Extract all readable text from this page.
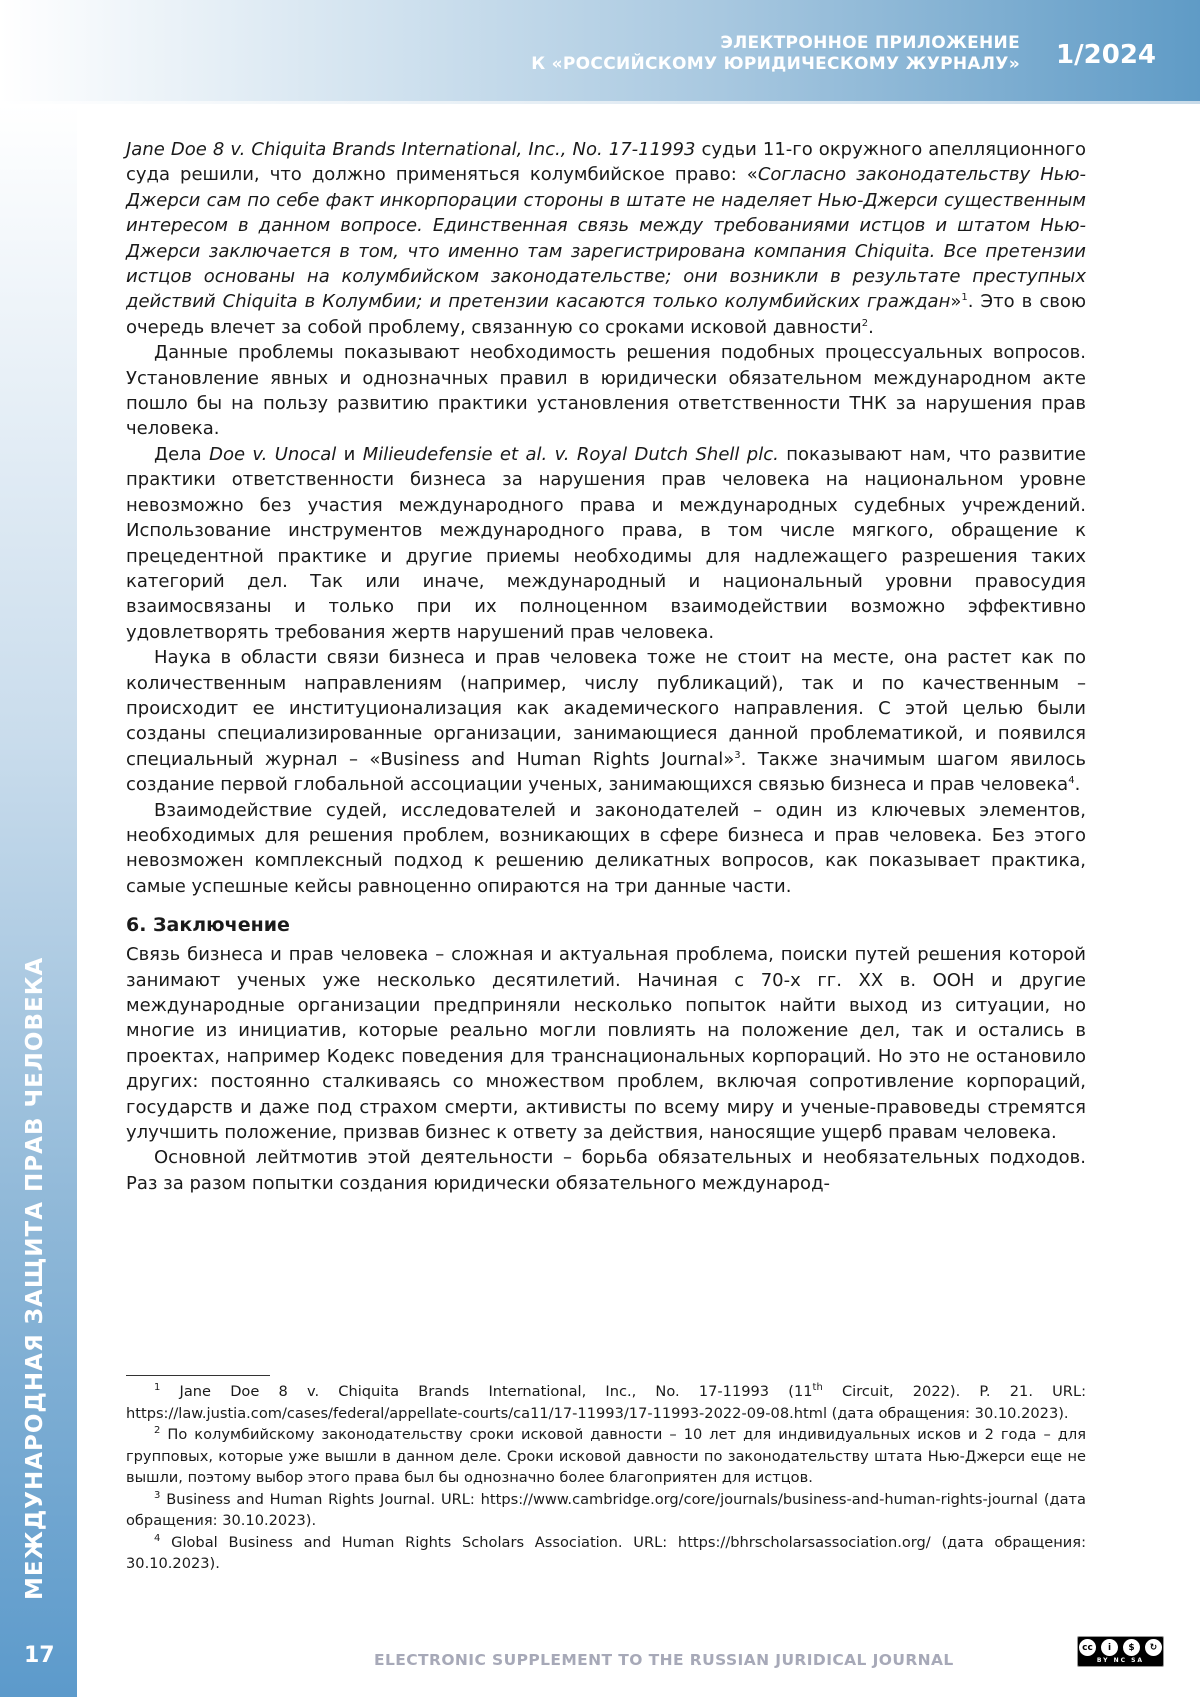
ЭЛЕКТРОННОЕ ПРИЛОЖЕНИЕ
К «РОССИЙСКОМУ ЮРИДИЧЕСКОМУ ЖУРНАЛУ» 1/2024
МЕЖДУНАРОДНАЯ ЗАЩИТА ПРАВ ЧЕЛОВЕКА
17

Jane Doe 8 v. Chiquita Brands International, Inc., No. 17-11993 судьи 11-го окружного апелляционного суда решили, что должно применяться колумбийское право: «Согласно законодательству Нью-Джерси сам по себе факт инкорпорации стороны в штате не наделяет Нью-Джерси существенным интересом в данном вопросе. Единственная связь между требованиями истцов и штатом Нью-Джерси заключается в том, что именно там зарегистрирована компания Chiquita. Все претензии истцов основаны на колумбийском законодательстве; они возникли в результате преступных действий Chiquita в Колумбии; и претензии касаются только колумбийских граждан»$^1$. Это в свою очередь влечет за собой проблему, связанную со сроками исковой давности$^2$.

Данные проблемы показывают необходимость решения подобных процессуальных вопросов. Установление явных и однозначных правил в юридически обязательном международном акте пошло бы на пользу развитию практики установления ответственности ТНК за нарушения прав человека.

Дела Doe v. Unocal и Milieudefensie et al. v. Royal Dutch Shell plc. показывают нам, что развитие практики ответственности бизнеса за нарушения прав человека на национальном уровне невозможно без участия международного права и международных судебных учреждений. Использование инструментов международного права, в том числе мягкого, обращение к прецедентной практике и другие приемы необходимы для надлежащего разрешения таких категорий дел. Так или иначе, международный и национальный уровни правосудия взаимосвязаны и только при их полноценном взаимодействии возможно эффективно удовлетворять требования жертв нарушений прав человека.

Наука в области связи бизнеса и прав человека тоже не стоит на месте, она растет как по количественным направлениям (например, числу публикаций), так и по качественным – происходит ее институционализация как академического направления. С этой целью были созданы специализированные организации, занимающиеся данной проблематикой, и появился специальный журнал – «Business and Human Rights Journal»$^3$. Также значимым шагом явилось создание первой глобальной ассоциации ученых, занимающихся связью бизнеса и прав человека$^4$.

Взаимодействие судей, исследователей и законодателей – один из ключевых элементов, необходимых для решения проблем, возникающих в сфере бизнеса и прав человека. Без этого невозможен комплексный подход к решению деликатных вопросов, как показывает практика, самые успешные кейсы равноценно опираются на три данные части.

6. Заключение

Связь бизнеса и прав человека – сложная и актуальная проблема, поиски путей решения которой занимают ученых уже несколько десятилетий. Начиная с 70-х гг. XX в. ООН и другие международные организации предприняли несколько попыток найти выход из ситуации, но многие из инициатив, которые реально могли повлиять на положение дел, так и остались в проектах, например Кодекс поведения для транснациональных корпораций. Но это не остановило других: постоянно сталкиваясь со множеством проблем, включая сопротивление корпораций, государств и даже под страхом смерти, активисты по всему миру и ученые-правоведы стремятся улучшить положение, призвав бизнес к ответу за действия, наносящие ущерб правам человека.

Основной лейтмотив этой деятельности – борьба обязательных и необязательных подходов. Раз за разом попытки создания юридически обязательного международ-

$^1$ Jane Doe 8 v. Chiquita Brands International, Inc., No. 17-11993 (11th Circuit, 2022). P. 21. URL: https://law.justia.com/cases/federal/appellate-courts/ca11/17-11993/17-11993-2022-09-08.html (дата обращения: 30.10.2023).

$^2$ По колумбийскому законодательству сроки исковой давности – 10 лет для индивидуальных исков и 2 года – для групповых, которые уже вышли в данном деле. Сроки исковой давности по законодательству штата Нью-Джерси еще не вышли, поэтому выбор этого права был бы однозначно более благоприятен для истцов.

$^3$ Business and Human Rights Journal. URL: https://www.cambridge.org/core/journals/business-and-human-rights-journal (дата обращения: 30.10.2023).

$^4$ Global Business and Human Rights Scholars Association. URL: https://bhrscholarsassociation.org/ (дата обращения: 30.10.2023).

ELECTRONIC SUPPLEMENT TO THE RUSSIAN JURIDICAL JOURNAL
cc	i	$	↻
BY NC SA
